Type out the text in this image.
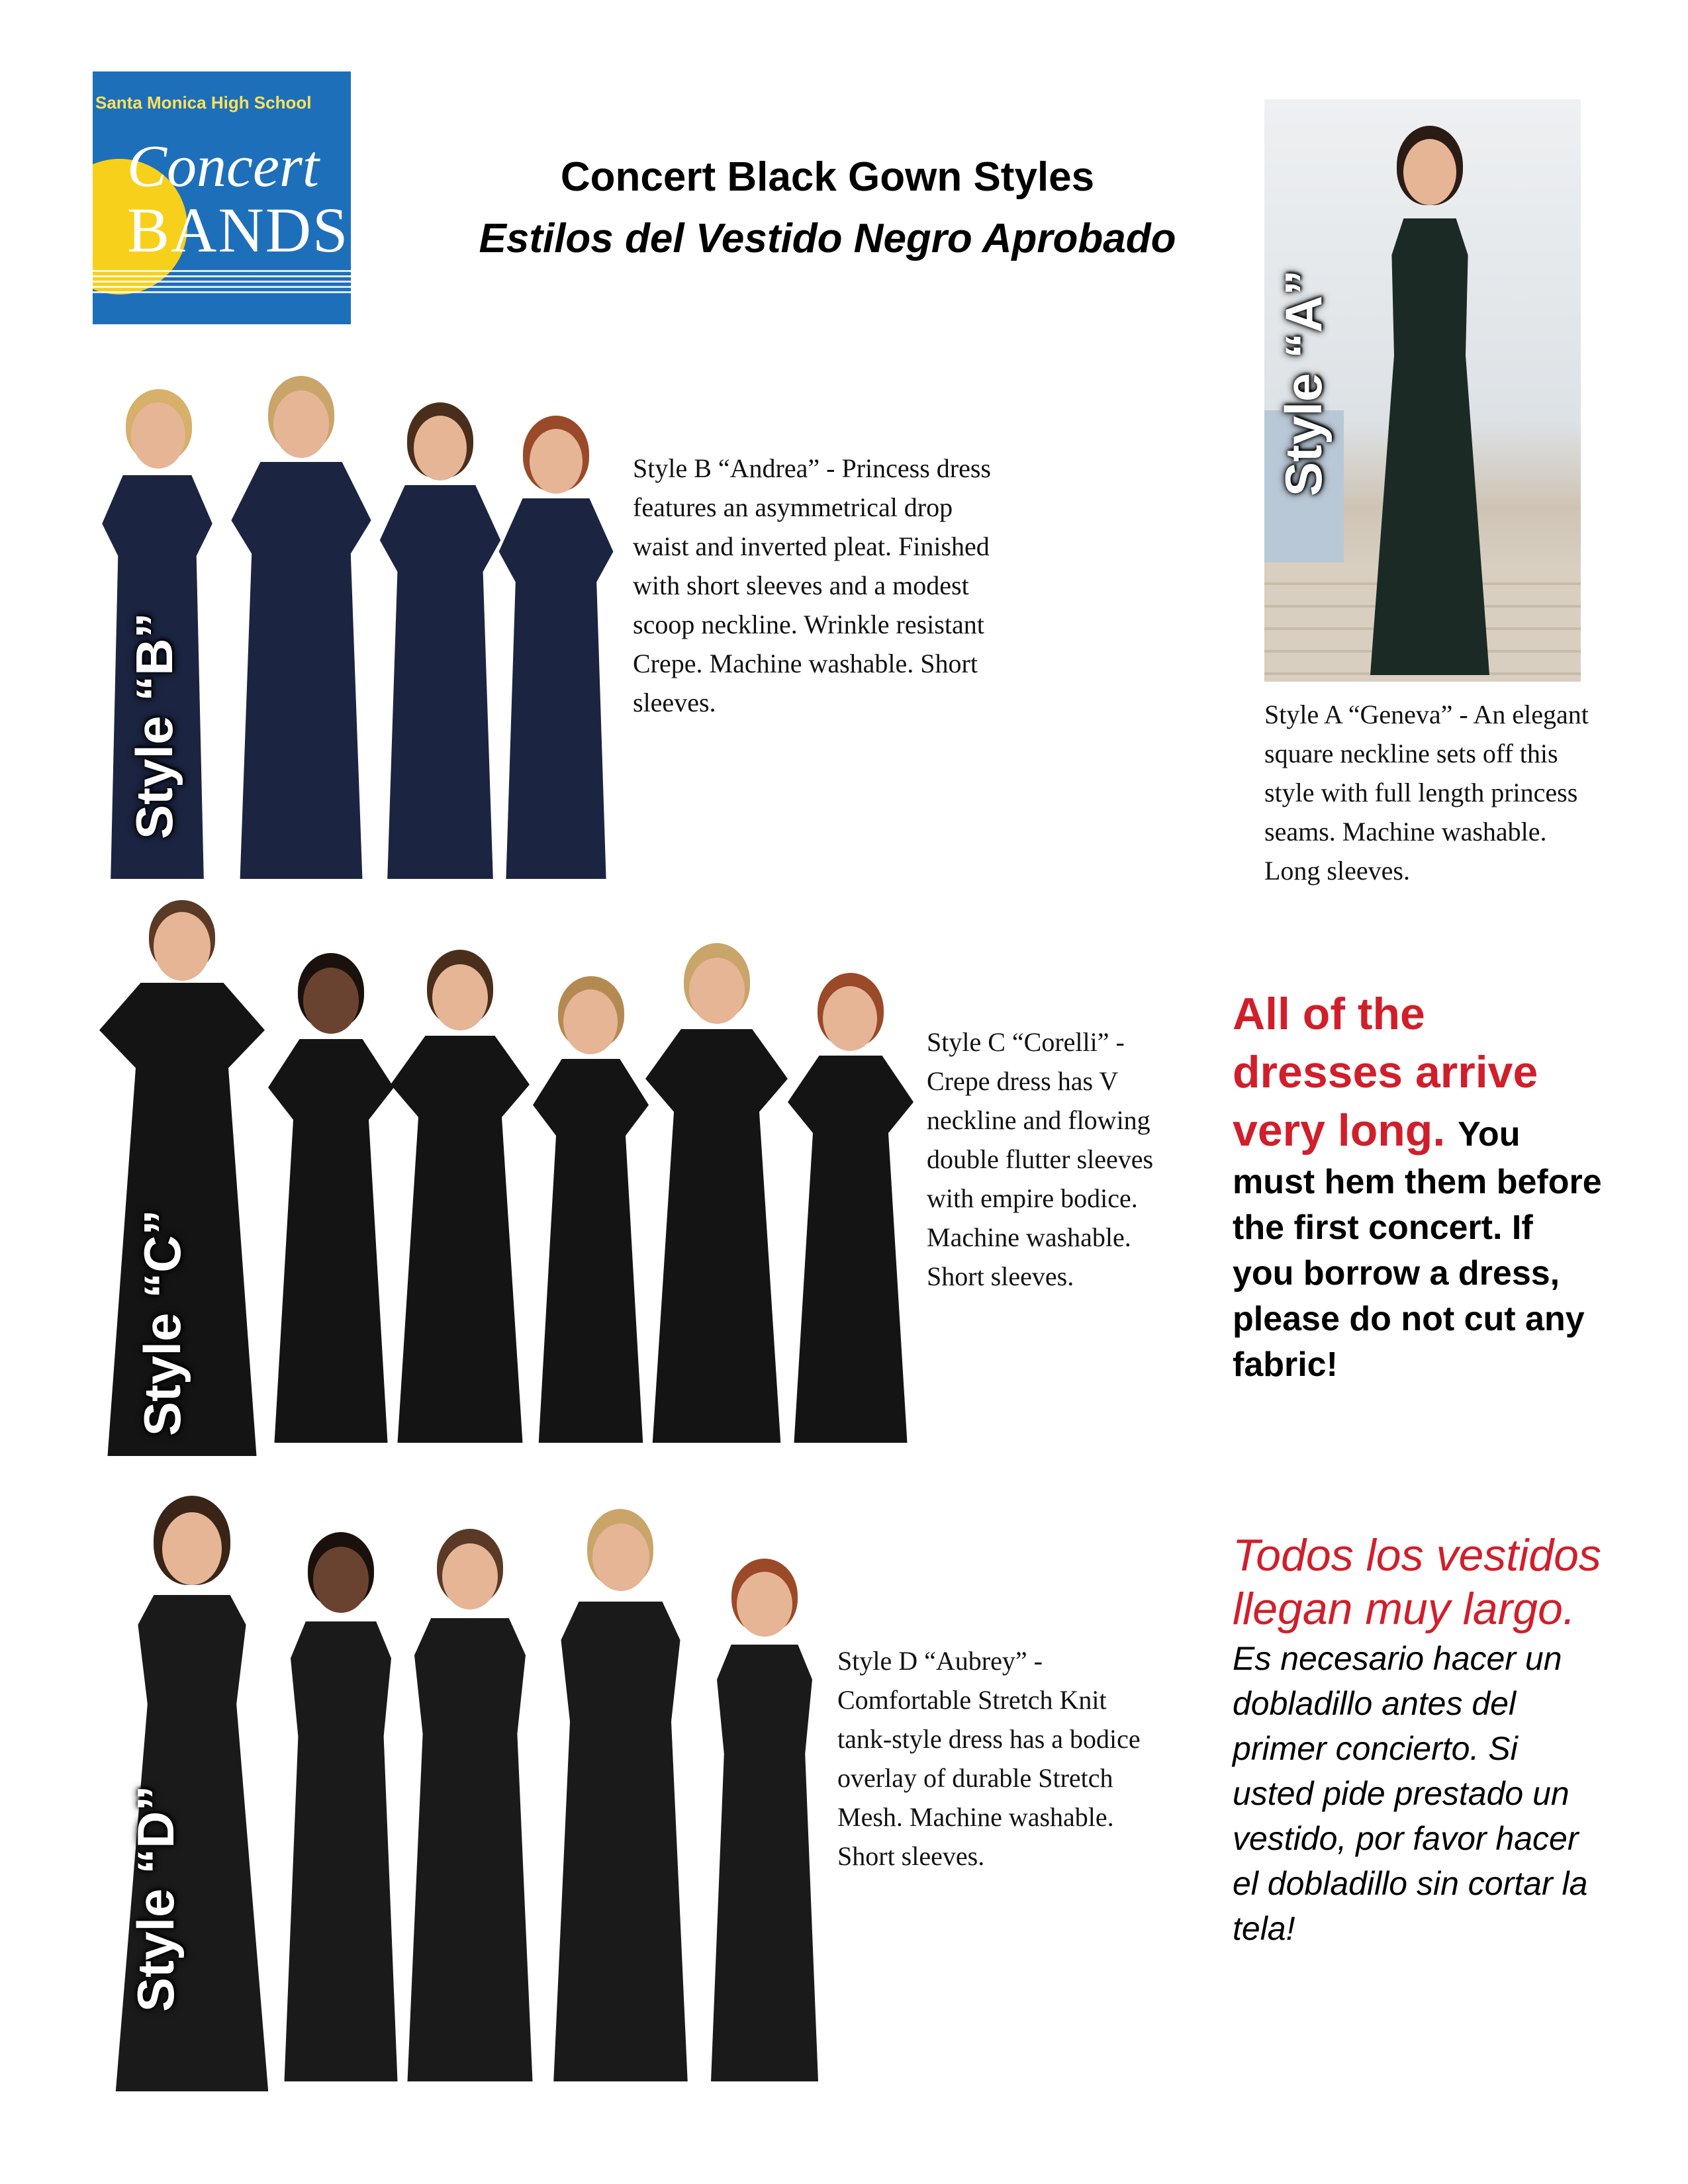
Santa Monica High School
Concert
BANDS
Concert Black Gown Styles
Estilos del Vestido Negro Aprobado
Style “A”
Style “B”
Style B “Andrea” - Princess dress features an asymmetrical drop waist and inverted pleat. Finished with short sleeves and a modest scoop neckline. Wrinkle resistant Crepe. Machine washable. Short sleeves.	Style A “Geneva” - An elegant square neckline sets off this style with full length princess seams. Machine washable. Long sleeves.
Style “C”
Style C “Corelli” - Crepe dress has V neckline and flowing double flutter sleeves with empire bodice. Machine washable. Short sleeves.
All of the dresses arrive very long. You must hem them before the first concert. If you borrow a dress, please do not cut any fabric!
Style “D”
Style D “Aubrey” - Comfortable Stretch Knit tank-style dress has a bodice overlay of durable Stretch Mesh. Machine washable. Short sleeves.
Todos los vestidos llegan muy largo. Es necesario hacer un dobladillo antes del primer concierto. Si usted pide prestado un vestido, por favor hacer el dobladillo sin cortar la tela!
